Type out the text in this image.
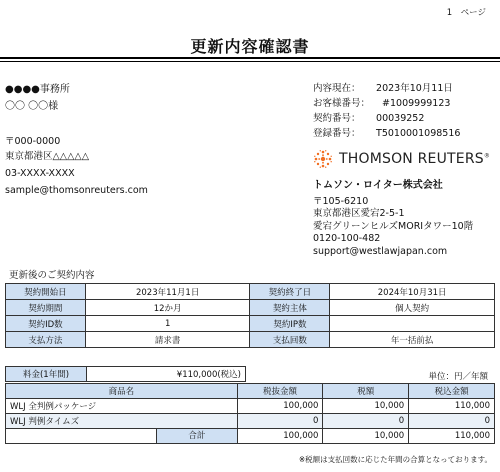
1　ページ
更新内容確認書
●●●●事務所
〇〇 〇〇様
〒000-0000
東京都港区△△△△△
03-XXXX-XXXX
sample@thomsonreuters.com
内容現在： 2023年10月11日
お客様番号： #1009999123
契約番号： 00039252
登録番号： T5010001098516
THOMSON REUTERS®
トムソン・ロイター株式会社
〒105-6210
東京都港区愛宕2-5-1
愛宕グリーンヒルズMORIタワー10階
0120-100-482
support@westlawjapan.com
更新後のご契約内容
契約開始日	2023年11月1日	契約終了日	2024年10月31日
契約期間	12か月	契約主体	個人契約
契約ID数	1	契約IP数	
支払方法	請求書	支払回数	年一括前払
料金(1年間)	¥110,000(税込)	単位：円／年額
商品名	税抜金額	税額	税込金額
WLJ 全判例パッケージ	100,000	10,000	110,000
WLJ 判例タイムズ	0	0	0

合計	100,000	10,000	110,000
※税額は支払回数に応じた年間の合算となっております。
